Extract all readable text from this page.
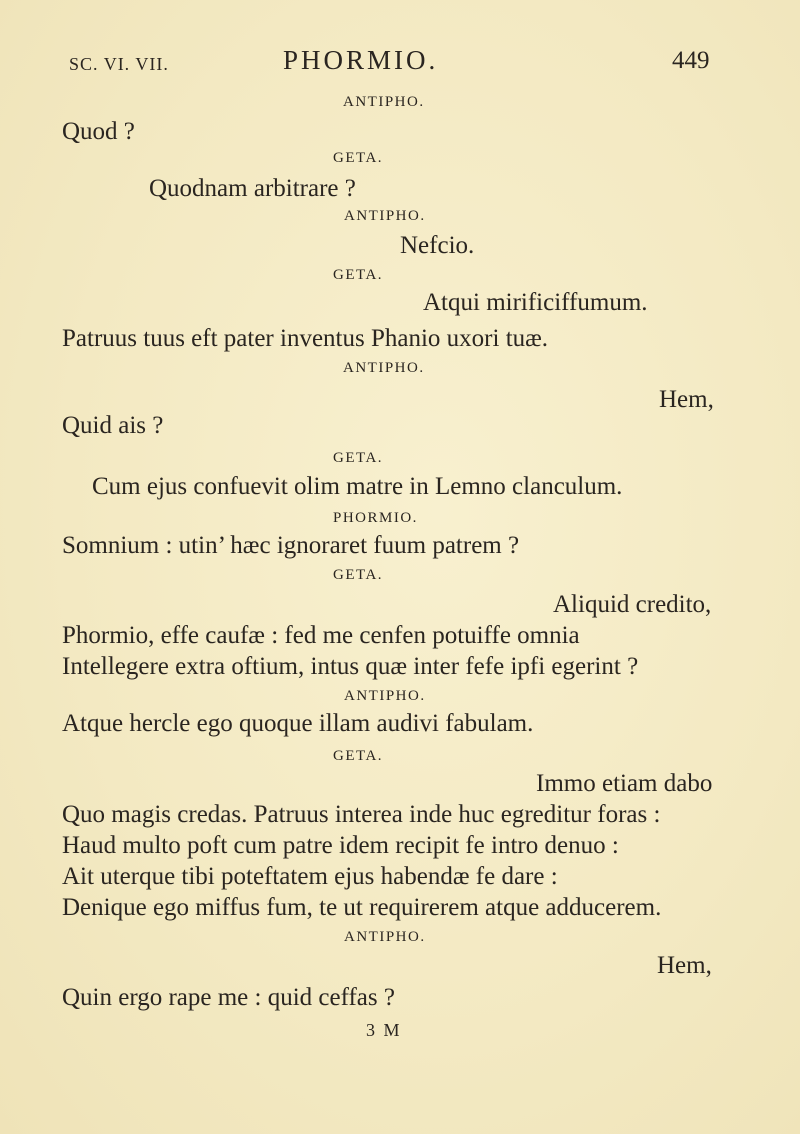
SC. VI. VII.	PHORMIO.	449
ANTIPHO.
Quod ?
GETA.
Quodnam arbitrare ?
ANTIPHO.
Nefcio.
GETA.
Atqui mirificiffumum.
Patruus tuus eft pater inventus Phanio uxori tuæ.
ANTIPHO.
Hem,
Quid ais ?
GETA.
Cum ejus confuevit olim matre in Lemno clanculum.
PHORMIO.
Somnium : utin’ hæc ignoraret fuum patrem ?
GETA.
Aliquid credito,
Phormio, effe caufæ : fed me cenfen potuiffe omnia
Intellegere extra oftium, intus quæ inter fefe ipfi egerint ?
ANTIPHO.
Atque hercle ego quoque illam audivi fabulam.
GETA.
Immo etiam dabo
Quo magis credas. Patruus interea inde huc egreditur foras :
Haud multo poft cum patre idem recipit fe intro denuo :
Ait uterque tibi poteftatem ejus habendæ fe dare :
Denique ego miffus fum, te ut requirerem atque adducerem.
ANTIPHO.
Hem,
Quin ergo rape me : quid ceffas ?
3 M
